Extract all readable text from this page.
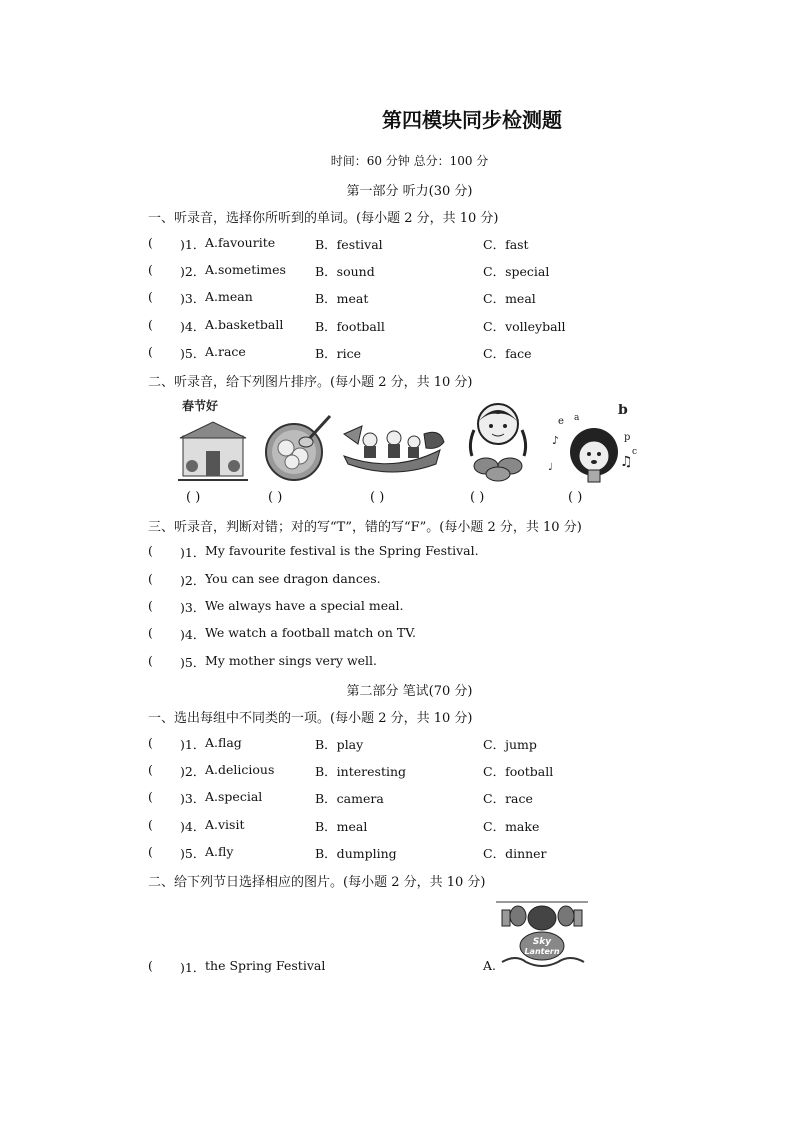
第四模块同步检测题
时间：60 分钟 总分：100 分
第一部分 听力(30 分)
一、听录音，选择你所听到的单词。(每小题 2 分，共 10 分)
( )1． A.favourite	B．festival	C．fast
( )2． A.sometimes B．sound	C．special
( )3． A.mean	B．meat	C．meal
( )4． A.basketball	B．football	C．volleyball
( )5． A.race	B．rice	C．face
二、听录音，给下列图片排序。(每小题 2 分，共 10 分)
春节好
♪
e
b
p
♫
♩
a
c
( )	( )	( )	( )	( )
三、听录音，判断对错；对的写“T”，错的写“F”。(每小题 2 分，共 10 分)
( )1． My favourite festival is the Spring Festival.
( )2． You can see dragon dances.
( )3． We always have a special meal.
( )4． We watch a football match on TV.
( )5． My mother sings very well.
第二部分 笔试(70 分)
一、选出每组中不同类的一项。(每小题 2 分，共 10 分)
( )1． A.flag	B．play	C．jump
( )2． A.delicious	B．interesting	C．football
( )3． A.special	B．camera	C．race
( )4． A.visit	B．meal	C．make
( )5． A.fly	B．dumpling	C．dinner
二、给下列节日选择相应的图片。(每小题 2 分，共 10 分)
Sky
Lantern
( )1． the Spring Festival	A.
